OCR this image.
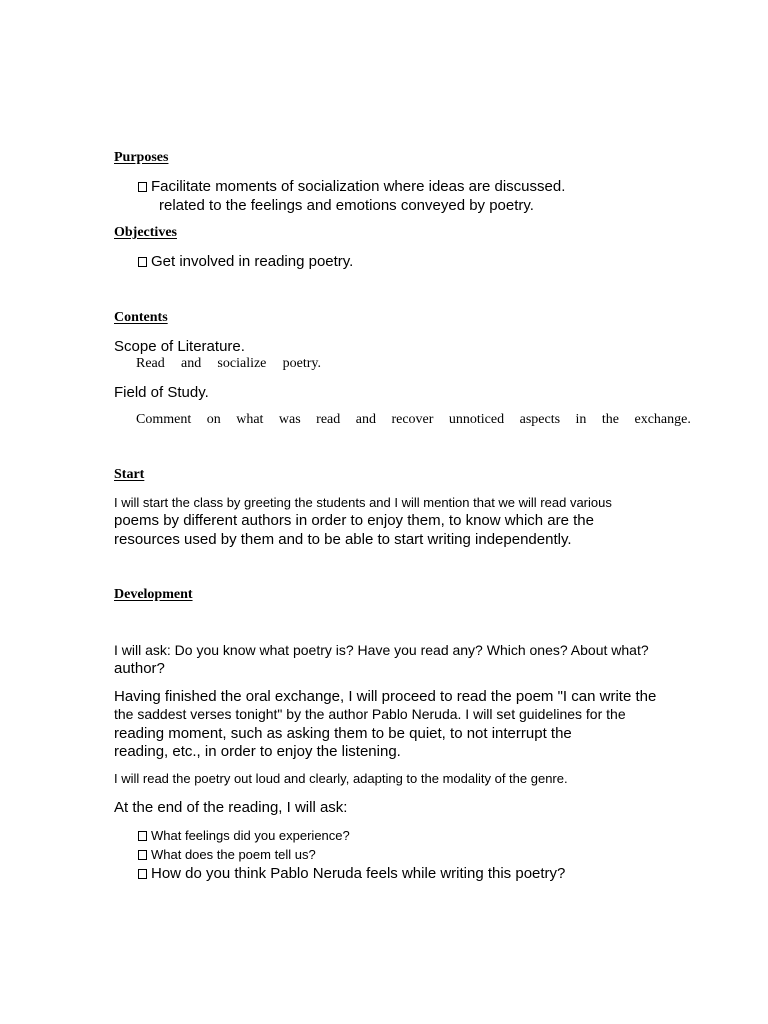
Purposes
Facilitate moments of socialization where ideas are discussed.
related to the feelings and emotions conveyed by poetry.
Objectives
Get involved in reading poetry.
Contents
Scope of Literature.
Read and socialize poetry.
Field of Study.
Comment on what was read and recover unnoticed aspects in the exchange.
Start
I will start the class by greeting the students and I will mention that we will read various
poems by different authors in order to enjoy them, to know which are the
resources used by them and to be able to start writing independently.
Development
I will ask: Do you know what poetry is? Have you read any? Which ones? About what?
author?
Having finished the oral exchange, I will proceed to read the poem "I can write the
the saddest verses tonight" by the author Pablo Neruda. I will set guidelines for the
reading moment, such as asking them to be quiet, to not interrupt the
reading, etc., in order to enjoy the listening.
I will read the poetry out loud and clearly, adapting to the modality of the genre.
At the end of the reading, I will ask:
What feelings did you experience?
What does the poem tell us?
How do you think Pablo Neruda feels while writing this poetry?
